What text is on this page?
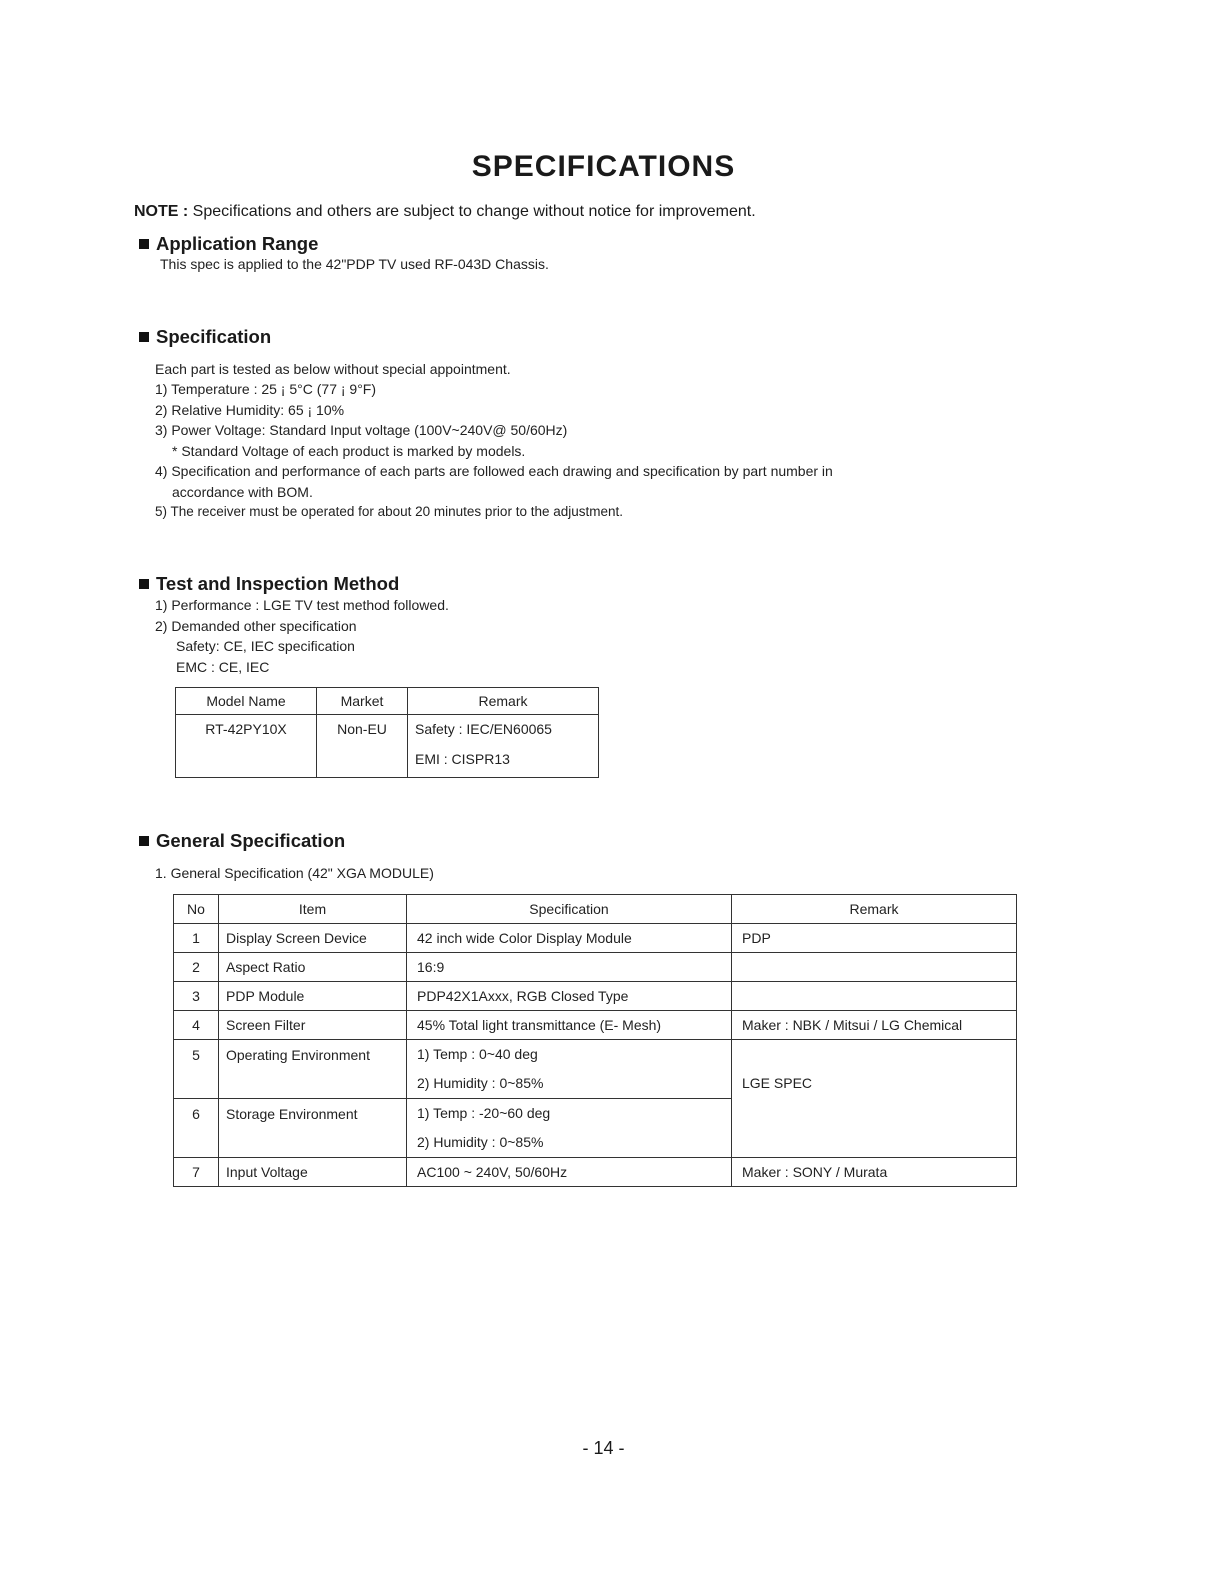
SPECIFICATIONS
NOTE : Specifications and others are subject to change without notice for improvement.
Application Range
This spec is applied to the 42"PDP TV used RF-043D Chassis.
Specification
Each part is tested as below without special appointment.
1) Temperature : 25 ¡ 5°C (77 ¡ 9°F)
2) Relative Humidity: 65 ¡ 10%
3) Power Voltage: Standard Input voltage (100V~240V@ 50/60Hz)
* Standard Voltage of each product is marked by models.
4) Specification and performance of each parts are followed each drawing and specification by part number in
accordance with BOM.
5) The receiver must be operated for about 20 minutes prior to the adjustment.
Test and Inspection Method
1) Performance : LGE TV test method followed.
2) Demanded other specification
Safety: CE, IEC specification
EMC : CE, IEC
Model Name	Market	Remark
RT-42PY10X	Non-EU	Safety : IEC/EN60065
EMI : CISPR13
General Specification
1. General Specification (42" XGA MODULE)
No	Item	Specification	Remark
1	Display Screen Device	42 inch wide Color Display Module	PDP
2	Aspect Ratio	16:9	
3	PDP Module	PDP42X1Axxx, RGB Closed Type	
4	Screen Filter	45% Total light transmittance (E- Mesh)	Maker : NBK / Mitsui / LG Chemical
5	Operating Environment	1) Temp : 0~40 deg
2) Humidity : 0~85%	LGE SPEC
6	Storage Environment	1) Temp : -20~60 deg
2) Humidity : 0~85%	

7	Input Voltage	AC100 ~ 240V, 50/60Hz	Maker : SONY / Murata
- 14 -
